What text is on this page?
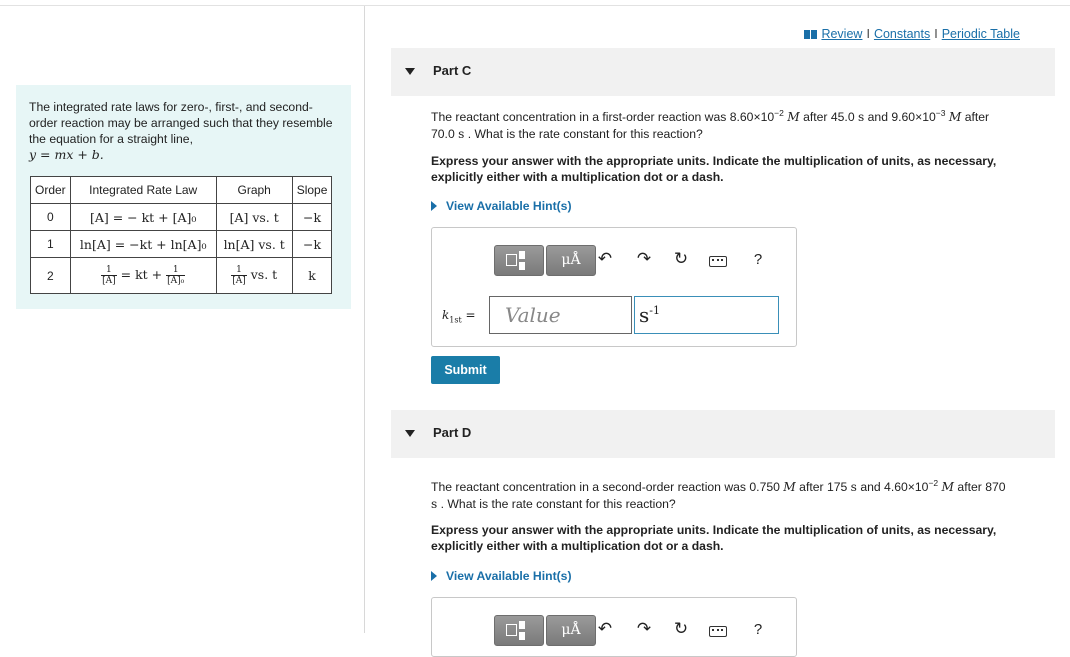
The integrated rate laws for zero-, first-, and second-order reaction may be arranged such that they resemble the equation for a straight line,
y = mx + b.
Order	Integrated Rate Law	Graph	Slope
0	[A] = − kt + [A]₀	[A] vs. t	−k
1	ln[A] = −kt + ln[A]₀	ln[A] vs. t	−k
2	$\frac{1}{[A]}$ = kt + $\frac{1}{\text{[A]₀}}$	$\frac{1}{[A]}$ vs. t	k
Review I Constants I Periodic Table
Part C
The reactant concentration in a first-order reaction was $8.60\times 10^{-2}$ M after 45.0 s and $9.60\times 10^{-3}$ M after
70.0 s . What is the rate constant for this reaction?
Express your answer with the appropriate units. Indicate the multiplication of units, as necessary, explicitly either with a multiplication dot or a dash.
View Available Hint(s)
μÅ	↶ ↷ ↻	?
$k_{1st}$ =	Value	$s^{-1}$
Submit
Part D
The reactant concentration in a second-order reaction was 0.750 M after 175 s and $4.60\times 10^{-2}$ M after 870
s . What is the rate constant for this reaction?
Express your answer with the appropriate units. Indicate the multiplication of units, as necessary, explicitly either with a multiplication dot or a dash.
View Available Hint(s)
μÅ	↶ ↷ ↻	?
